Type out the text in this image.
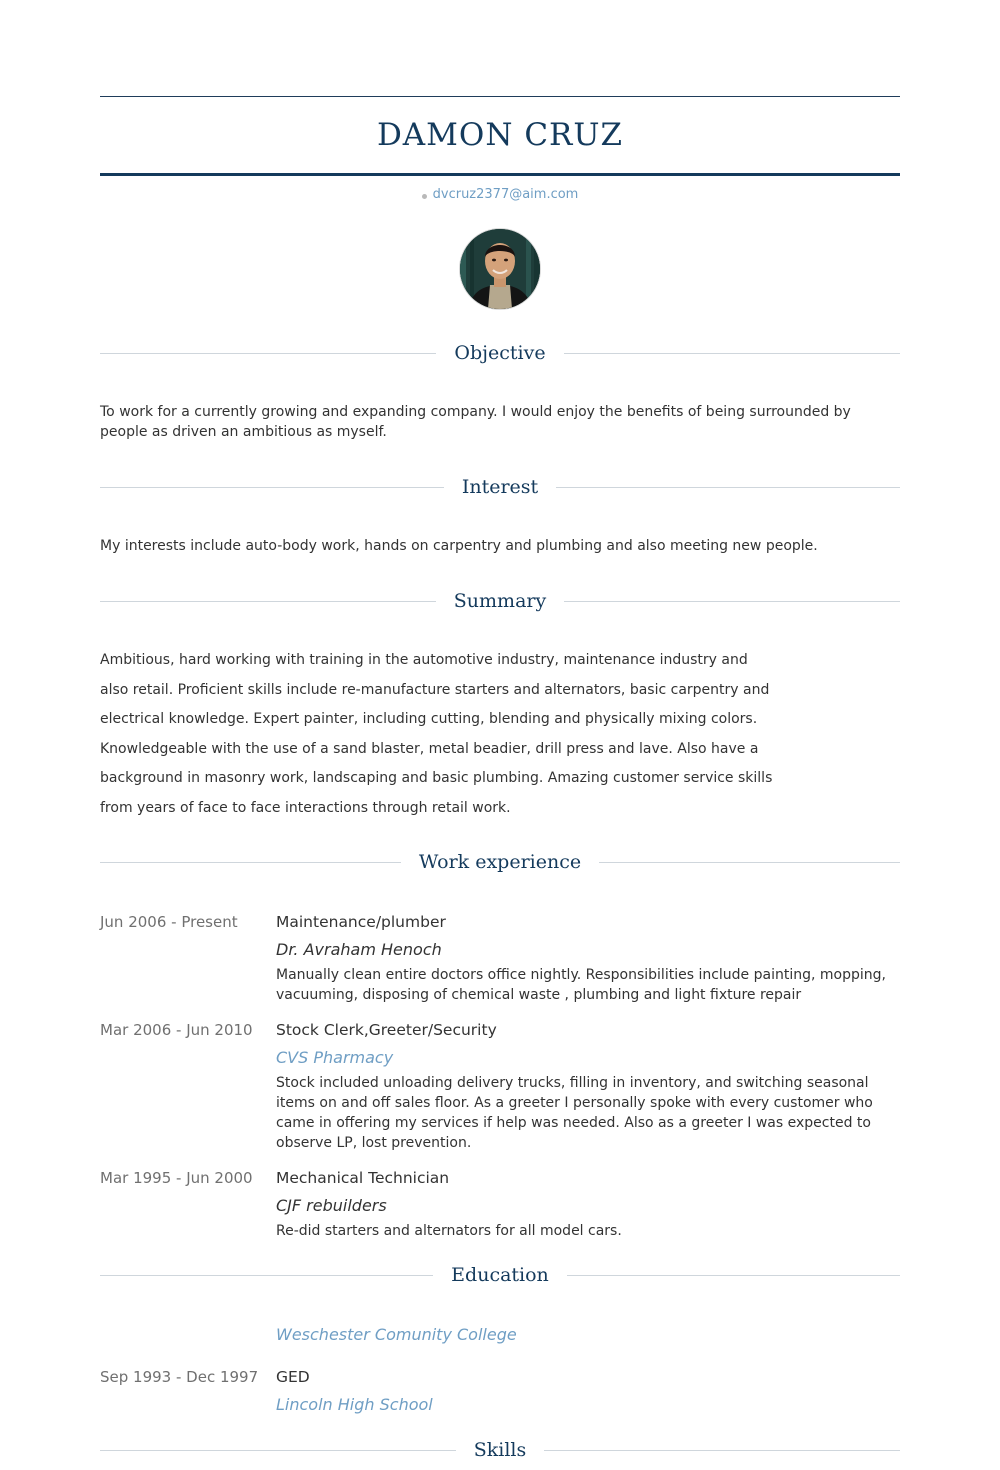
DAMON CRUZ
dvcruz2377@aim.com
Objective
To work for a currently growing and expanding company. I would enjoy the benefits of being surrounded by people as driven an ambitious as myself.
Interest
My interests include auto-body work, hands on carpentry and plumbing and also meeting new people.
Summary
Ambitious, hard working with training in the automotive industry, maintenance industry and also retail. Proficient skills include re-manufacture starters and alternators, basic carpentry and electrical knowledge. Expert painter, including cutting, blending and physically mixing colors. Knowledgeable with the use of a sand blaster, metal beadier, drill press and lave. Also have a background in masonry work, landscaping and basic plumbing. Amazing customer service skills from years of face to face interactions through retail work.
Work experience
Jun 2006 - Present	Maintenance/plumber
Dr. Avraham Henoch
Manually clean entire doctors office nightly. Responsibilities include painting, mopping, vacuuming, disposing of chemical waste , plumbing and light fixture repair
Mar 2006 - Jun 2010	Stock Clerk,Greeter/Security
CVS Pharmacy
Stock included unloading delivery trucks, filling in inventory, and switching seasonal items on and off sales floor. As a greeter I personally spoke with every customer who came in offering my services if help was needed. Also as a greeter I was expected to observe LP, lost prevention.
Mar 1995 - Jun 2000	Mechanical Technician
CJF rebuilders
Re-did starters and alternators for all model cars.
Education
Weschester Comunity College
Sep 1993 - Dec 1997	GED
Lincoln High School
Skills
